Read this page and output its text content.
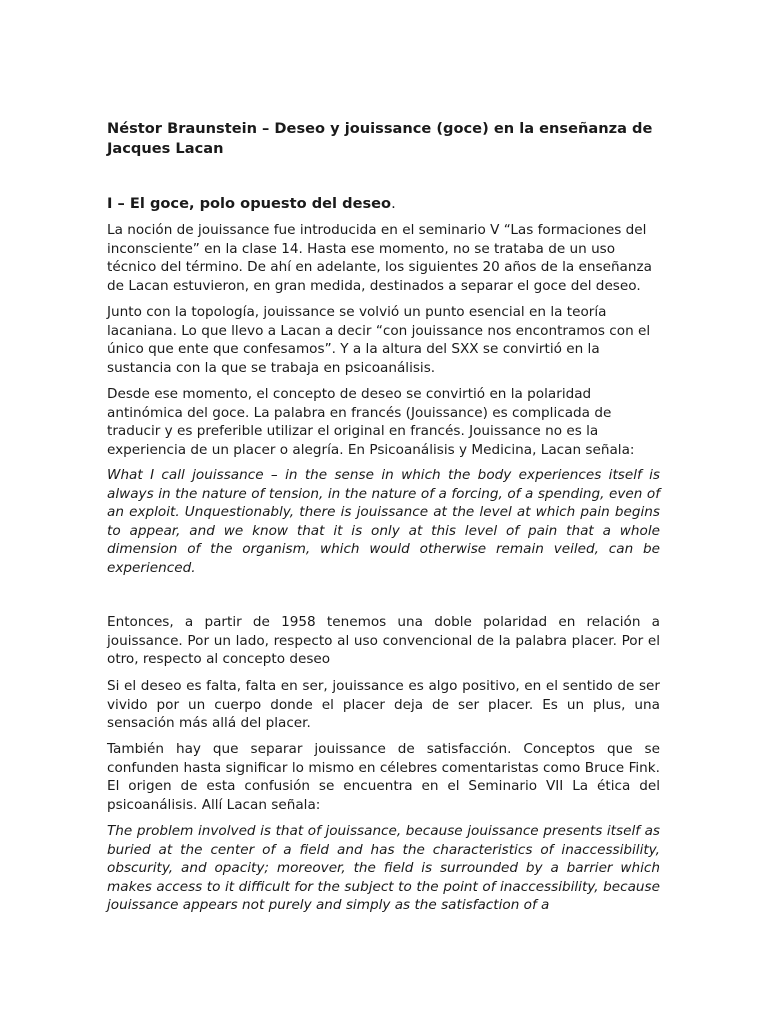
Néstor Braunstein – Deseo y jouissance (goce) en la enseñanza de Jacques Lacan
I – El goce, polo opuesto del deseo.

La noción de jouissance fue introducida en el seminario V “Las formaciones del inconsciente” en la clase 14. Hasta ese momento, no se trataba de un uso técnico del término. De ahí en adelante, los siguientes 20 años de la enseñanza de Lacan estuvieron, en gran medida, destinados a separar el goce del deseo.

Junto con la topología, jouissance se volvió un punto esencial en la teoría lacaniana. Lo que llevo a Lacan a decir “con jouissance nos encontramos con el único que ente que confesamos”. Y a la altura del SXX se convirtió en la sustancia con la que se trabaja en psicoanálisis.

Desde ese momento, el concepto de deseo se convirtió en la polaridad antinómica del goce. La palabra en francés (Jouissance) es complicada de traducir y es preferible utilizar el original en francés. Jouissance no es la experiencia de un placer o alegría. En Psicoanálisis y Medicina, Lacan señala:

What I call jouissance – in the sense in which the body experiences itself is always in the nature of tension, in the nature of a forcing, of a spending, even of an exploit. Unquestionably, there is jouissance at the level at which pain begins to appear, and we know that it is only at this level of pain that a whole dimension of the organism, which would otherwise remain veiled, can be experienced.

Entonces, a partir de 1958 tenemos una doble polaridad en relación a jouissance. Por un lado, respecto al uso convencional de la palabra placer. Por el otro, respecto al concepto deseo

Si el deseo es falta, falta en ser, jouissance es algo positivo, en el sentido de ser vivido por un cuerpo donde el placer deja de ser placer. Es un plus, una sensación más allá del placer.

También hay que separar jouissance de satisfacción. Conceptos que se confunden hasta significar lo mismo en célebres comentaristas como Bruce Fink. El origen de esta confusión se encuentra en el Seminario VII La ética del psicoanálisis. Allí Lacan señala:

The problem involved is that of jouissance, because jouissance presents itself as buried at the center of a field and has the characteristics of inaccessibility, obscurity, and opacity; moreover, the field is surrounded by a barrier which makes access to it difficult for the subject to the point of inaccessibility, because jouissance appears not purely and simply as the satisfaction of a
